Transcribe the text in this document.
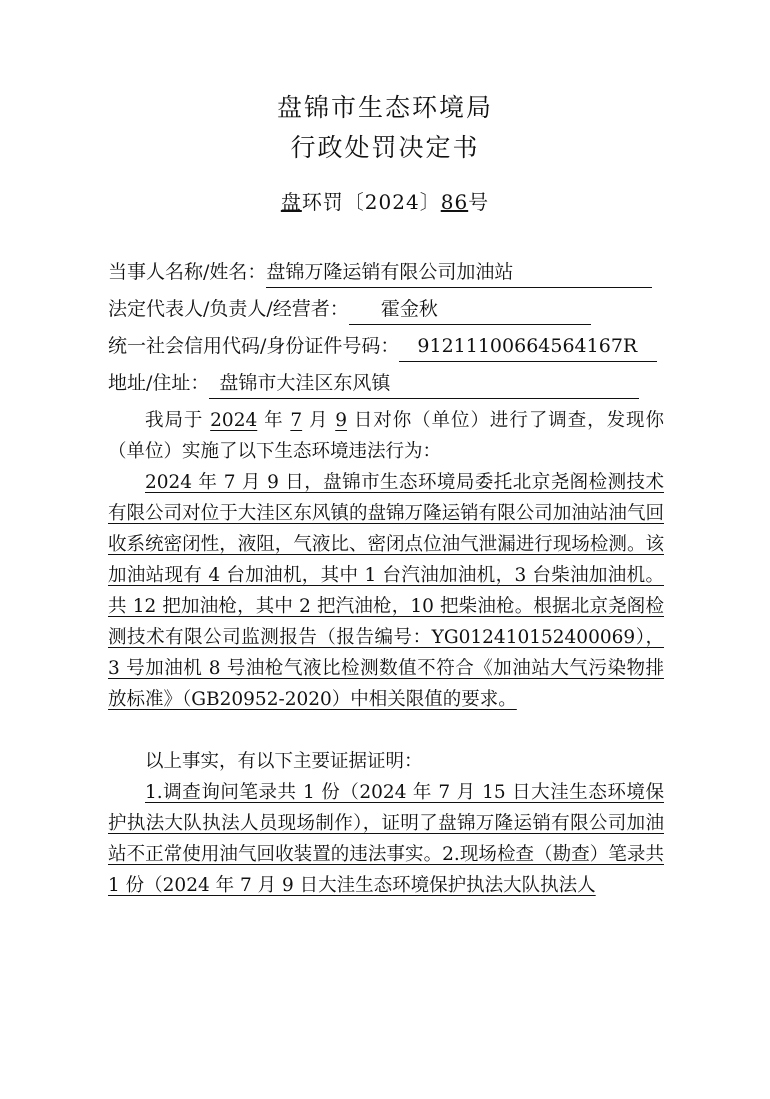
盘锦市生态环境局
行政处罚决定书
盘环罚〔2024〕86号
当事人名称/姓名： 盘锦万隆运销有限公司加油站
法定代表人/负责人/经营者：	霍金秋
统一社会信用代码/身份证件号码： 91211100664564167R
地址/住址： 盘锦市大洼区东风镇

我局于 2024 年 7 月 9 日对你（单位）进行了调查，发现你（单位）实施了以下生态环境违法行为：

2024 年 7 月 9 日，盘锦市生态环境局委托北京尧阁检测技术有限公司对位于大洼区东风镇的盘锦万隆运销有限公司加油站油气回收系统密闭性，液阻，气液比、密闭点位油气泄漏进行现场检测。该加油站现有 4 台加油机，其中 1 台汽油加油机，3 台柴油加油机。共 12 把加油枪，其中 2 把汽油枪，10 把柴油枪。根据北京尧阁检测技术有限公司监测报告（报告编号：YG012410152400069），3 号加油机 8 号油枪气液比检测数值不符合《加油站大气污染物排放标准》（GB20952-2020）中相关限值的要求。

以上事实，有以下主要证据证明：

1.调查询问笔录共 1 份（2024 年 7 月 15 日大洼生态环境保护执法大队执法人员现场制作），证明了盘锦万隆运销有限公司加油站不正常使用油气回收装置的违法事实。2.现场检查（勘查）笔录共 1 份（2024 年 7 月 9 日大洼生态环境保护执法大队执法人
